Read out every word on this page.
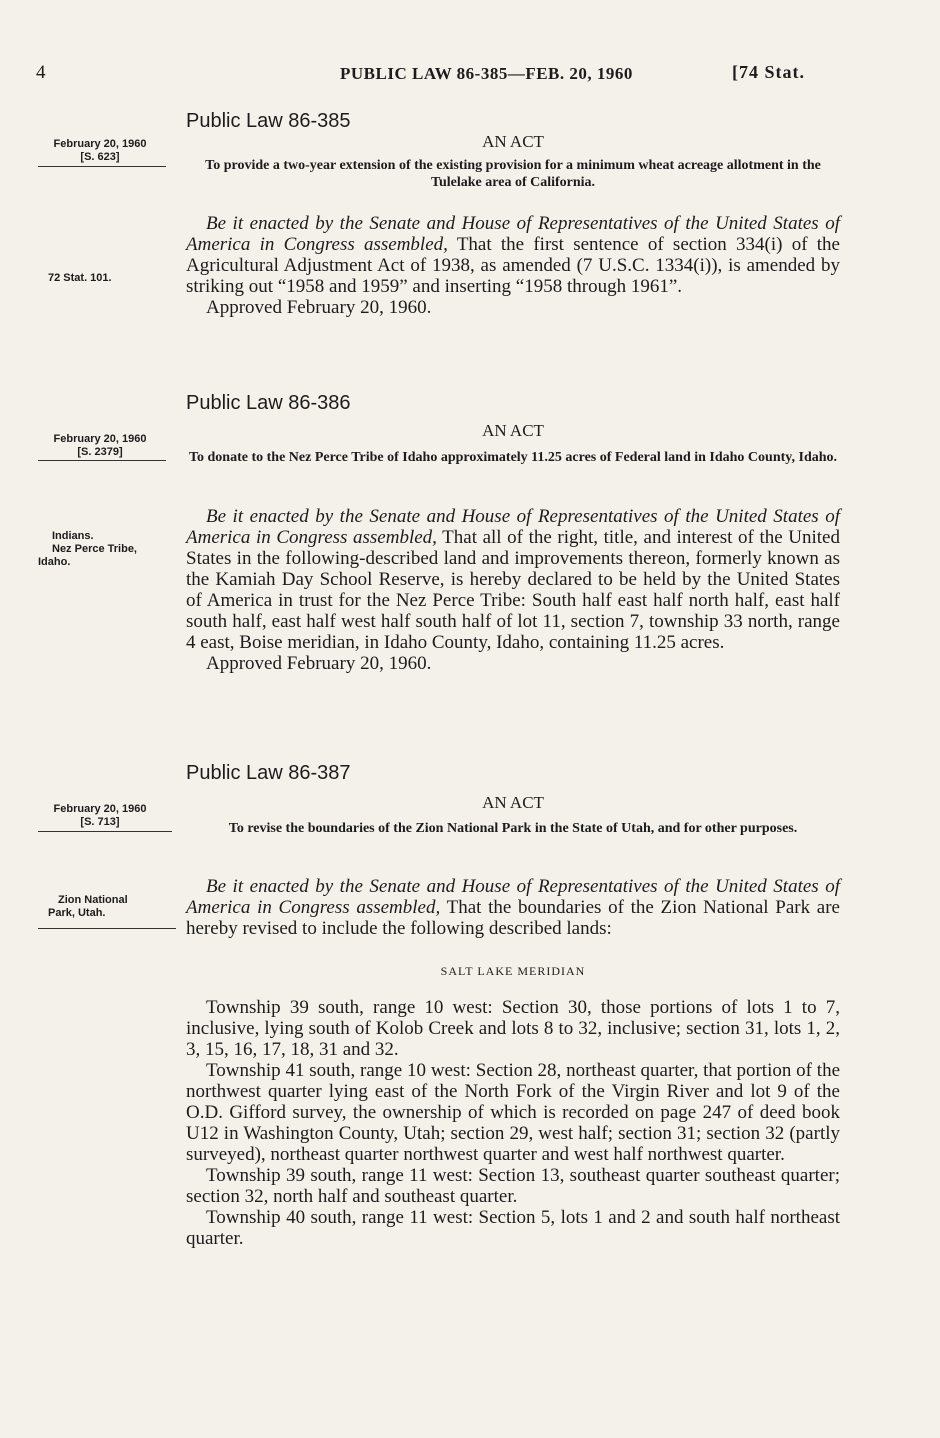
4	PUBLIC LAW 86-385—FEB. 20, 1960	[74 Stat.
Public Law 86-385
February 20, 1960
[S. 623]
AN ACT
To provide a two-year extension of the existing provision for a minimum wheat acreage allotment in the Tulelake area of California.
72 Stat. 101.

Be it enacted by the Senate and House of Representatives of the United States of America in Congress assembled, That the first sentence of section 334(i) of the Agricultural Adjustment Act of 1938, as amended (7 U.S.C. 1334(i)), is amended by striking out “1958 and 1959” and inserting “1958 through 1961”.

Approved February 20, 1960.

Public Law 86-386
February 20, 1960
[S. 2379]
AN ACT
To donate to the Nez Perce Tribe of Idaho approximately 11.25 acres of Federal land in Idaho County, Idaho.
Indians.
Nez Perce Tribe,
Idaho.

Be it enacted by the Senate and House of Representatives of the United States of America in Congress assembled, That all of the right, title, and interest of the United States in the following-described land and improvements thereon, formerly known as the Kamiah Day School Reserve, is hereby declared to be held by the United States of America in trust for the Nez Perce Tribe: South half east half north half, east half south half, east half west half south half of lot 11, section 7, township 33 north, range 4 east, Boise meridian, in Idaho County, Idaho, containing 11.25 acres.

Approved February 20, 1960.

Public Law 86-387
February 20, 1960
[S. 713]
AN ACT
To revise the boundaries of the Zion National Park in the State of Utah, and for other purposes.
Zion National
Park, Utah.

Be it enacted by the Senate and House of Representatives of the United States of America in Congress assembled, That the boundaries of the Zion National Park are hereby revised to include the following described lands:

SALT LAKE MERIDIAN

Township 39 south, range 10 west: Section 30, those portions of lots 1 to 7, inclusive, lying south of Kolob Creek and lots 8 to 32, inclusive; section 31, lots 1, 2, 3, 15, 16, 17, 18, 31 and 32.

Township 41 south, range 10 west: Section 28, northeast quarter, that portion of the northwest quarter lying east of the North Fork of the Virgin River and lot 9 of the O.D. Gifford survey, the ownership of which is recorded on page 247 of deed book U12 in Washington County, Utah; section 29, west half; section 31; section 32 (partly surveyed), northeast quarter northwest quarter and west half northwest quarter.

Township 39 south, range 11 west: Section 13, southeast quarter southeast quarter; section 32, north half and southeast quarter.

Township 40 south, range 11 west: Section 5, lots 1 and 2 and south half northeast quarter.
